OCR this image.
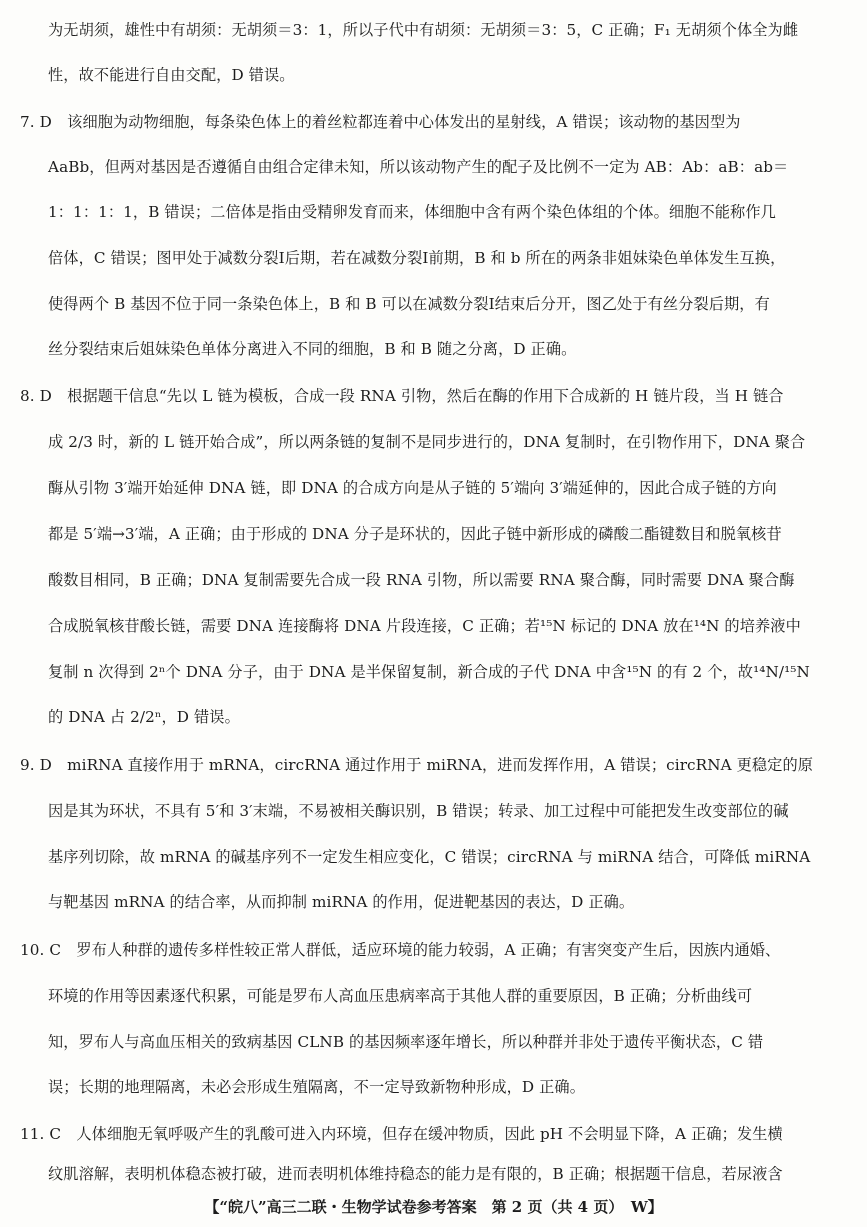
为无胡须，雄性中有胡须：无胡须＝3：1，所以子代中有胡须：无胡须＝3：5，C 正确；F₁ 无胡须个体全为雌
性，故不能进行自由交配，D 错误。
7. D　该细胞为动物细胞，每条染色体上的着丝粒都连着中心体发出的星射线，A 错误；该动物的基因型为
AaBb，但两对基因是否遵循自由组合定律未知，所以该动物产生的配子及比例不一定为 AB：Ab：aB：ab＝
1：1：1：1，B 错误；二倍体是指由受精卵发育而来，体细胞中含有两个染色体组的个体。细胞不能称作几
倍体，C 错误；图甲处于减数分裂Ⅰ后期，若在减数分裂Ⅰ前期，B 和 b 所在的两条非姐妹染色单体发生互换，
使得两个 B 基因不位于同一条染色体上，B 和 B 可以在减数分裂Ⅰ结束后分开，图乙处于有丝分裂后期，有
丝分裂结束后姐妹染色单体分离进入不同的细胞，B 和 B 随之分离，D 正确。
8. D　根据题干信息“先以 L 链为模板，合成一段 RNA 引物，然后在酶的作用下合成新的 H 链片段，当 H 链合
成 2/3 时，新的 L 链开始合成”，所以两条链的复制不是同步进行的，DNA 复制时，在引物作用下，DNA 聚合
酶从引物 3′端开始延伸 DNA 链，即 DNA 的合成方向是从子链的 5′端向 3′端延伸的，因此合成子链的方向
都是 5′端→3′端，A 正确；由于形成的 DNA 分子是环状的，因此子链中新形成的磷酸二酯键数目和脱氧核苷
酸数目相同，B 正确；DNA 复制需要先合成一段 RNA 引物，所以需要 RNA 聚合酶，同时需要 DNA 聚合酶
合成脱氧核苷酸长链，需要 DNA 连接酶将 DNA 片段连接，C 正确；若¹⁵N 标记的 DNA 放在¹⁴N 的培养液中
复制 n 次得到 2ⁿ个 DNA 分子，由于 DNA 是半保留复制，新合成的子代 DNA 中含¹⁵N 的有 2 个，故¹⁴N/¹⁵N
的 DNA 占 2/2ⁿ，D 错误。
9. D　miRNA 直接作用于 mRNA，circRNA 通过作用于 miRNA，进而发挥作用，A 错误；circRNA 更稳定的原
因是其为环状，不具有 5′和 3′末端，不易被相关酶识别，B 错误；转录、加工过程中可能把发生改变部位的碱
基序列切除，故 mRNA 的碱基序列不一定发生相应变化，C 错误；circRNA 与 miRNA 结合，可降低 miRNA
与靶基因 mRNA 的结合率，从而抑制 miRNA 的作用，促进靶基因的表达，D 正确。
10. C　罗布人种群的遗传多样性较正常人群低，适应环境的能力较弱，A 正确；有害突变产生后，因族内通婚、
环境的作用等因素逐代积累，可能是罗布人高血压患病率高于其他人群的重要原因，B 正确；分析曲线可
知，罗布人与高血压相关的致病基因 CLNB 的基因频率逐年增长，所以种群并非处于遗传平衡状态，C 错
误；长期的地理隔离，未必会形成生殖隔离，不一定导致新物种形成，D 正确。
11. C　人体细胞无氧呼吸产生的乳酸可进入内环境，但存在缓冲物质，因此 pH 不会明显下降，A 正确；发生横
纹肌溶解，表明机体稳态被打破，进而表明机体维持稳态的能力是有限的，B 正确；根据题干信息，若尿液含
【“皖八”高三二联・生物学试卷参考答案　第 2 页（共 4 页）　W】
